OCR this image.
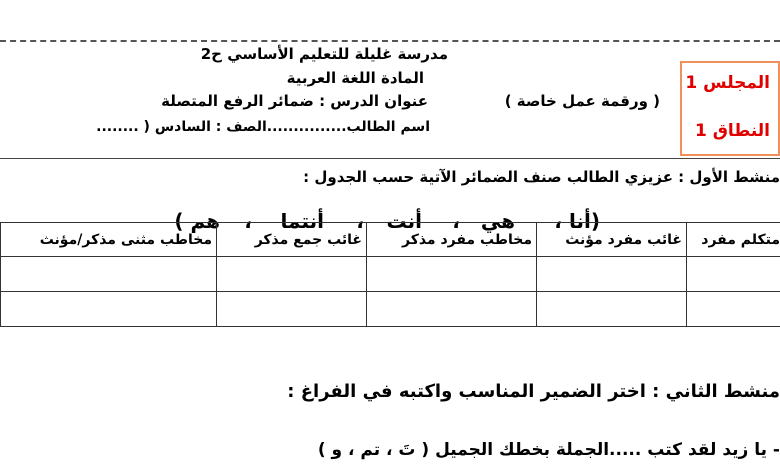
مدرسة غليلة للتعليم الأساسي ح2
المادة اللغة العربية
عنوان الدرس : ضمائر الرفع المتصلة	( ورقمة عمل خاصة )
اسم الطالب...............الصف : السادس ( ........
المجلس 1
النطاق 1
منشط الأول : عزيزي الطالب صنف الضمائر الآتية حسب الجدول :
(أنا
،
هي
،
أنت
،
أنتما
،
هم )
مخاطب مثنى مذكر/مؤنث	غائب جمع مذكر	مخاطب مفرد مذكر	غائب مفرد مؤنث	متكلم مفرد

منشط الثاني : اختر الضمير المناسب واكتبه في الفراغ :
- يا زيد لقد كتب .....الجملة بخطك الجميل ( تَ ، تم ، و )
